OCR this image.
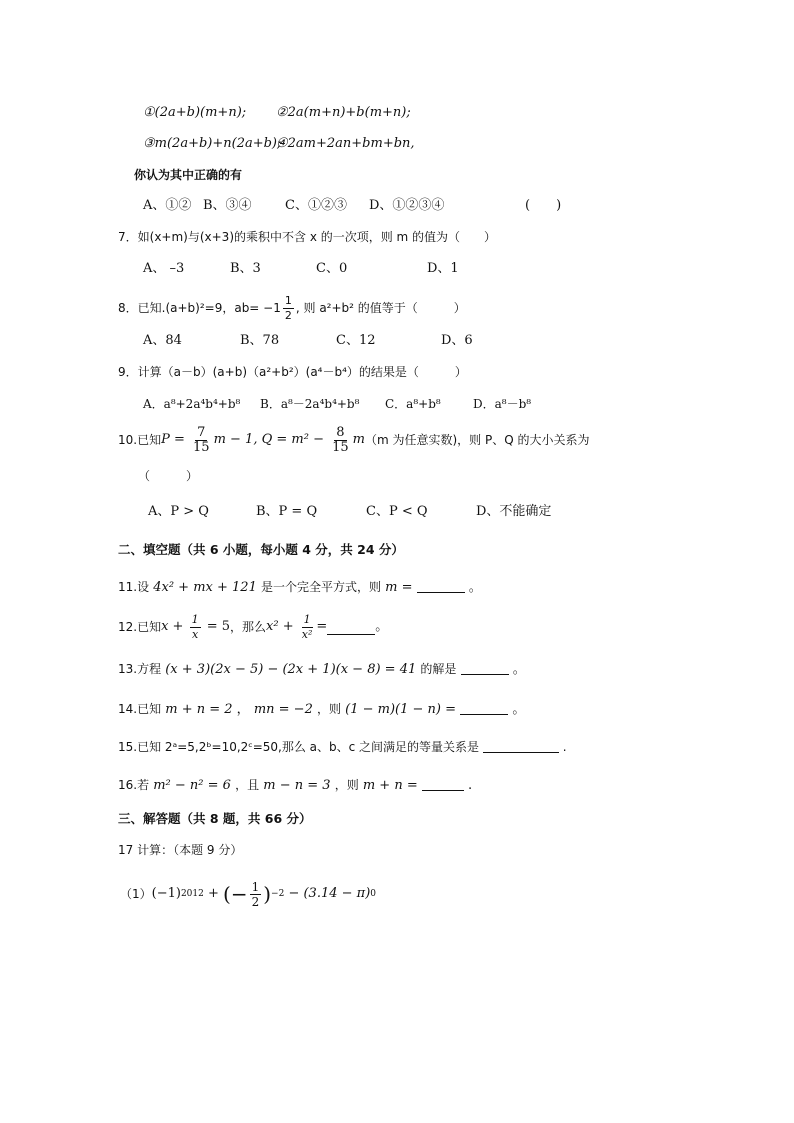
①(2a+b)(m+n); ②2a(m+n)+b(m+n);
③m(2a+b)+n(2a+b);
④2am+2an+bm+bn,
你认为其中正确的有
A、①② B、③④	C、①②③ D、①②③④	(　　)
7．如(x+m)与(x+3)的乘积中不含 x 的一次项，则 m 的值为（　　）
A、 –3	B、3	C、0	D、1
8．已知.(a+b)²=9，$ab= -1 \frac{1}{2}$ , 则 a²+b² 的值等于（　　　）
A、84	B、78	C、12	D、6
9．计算（a－b）(a+b)（a²+b²）(a⁴－b⁴）的结果是（　　　）
A．a⁸+2a⁴b⁴+b⁸ B．a⁸－2a⁴b⁴+b⁸ C．a⁸+b⁸	D．a⁸－b⁸
10.已知 $P = \frac{7}{15}$ m − 1, $Q = m^2 - \frac{8}{15}$ m （m 为任意实数)，则 P、Q 的大小关系为
（　　　）
A、P > Q	B、P = Q	C、P < Q	D、不能确定
二、填空题（共 6 小题，每小题 4 分，共 24 分）
11.设 4x² + mx + 121 是一个完全平方式，则 m =	。
12.已知 $x + \frac{1}{x} = 5$ ，那么 $x^2 + \frac{1}{\text{x²}}$ =	。
13.方程 (x + 3)(2x − 5) − (2x + 1)(x − 8) = 41 的解是	。
14.已知 m + n = 2 ， mn = −2 ，则 (1 − m)(1 − n) =	。
15.已知 2ᵃ=5,2ᵇ=10,2ᶜ=50,那么 a、b、c 之间满足的等量关系是	.
16.若 m² − n² = 6 ，且 m − n = 3 ，则 m + n =	.
三、解答题（共 8 题，共 66 分）
17 计算：（本题 9 分）
（1） (−1) 2012 + (− $\frac{1}{2}$ ) −2 − (3.14 − π) 0
